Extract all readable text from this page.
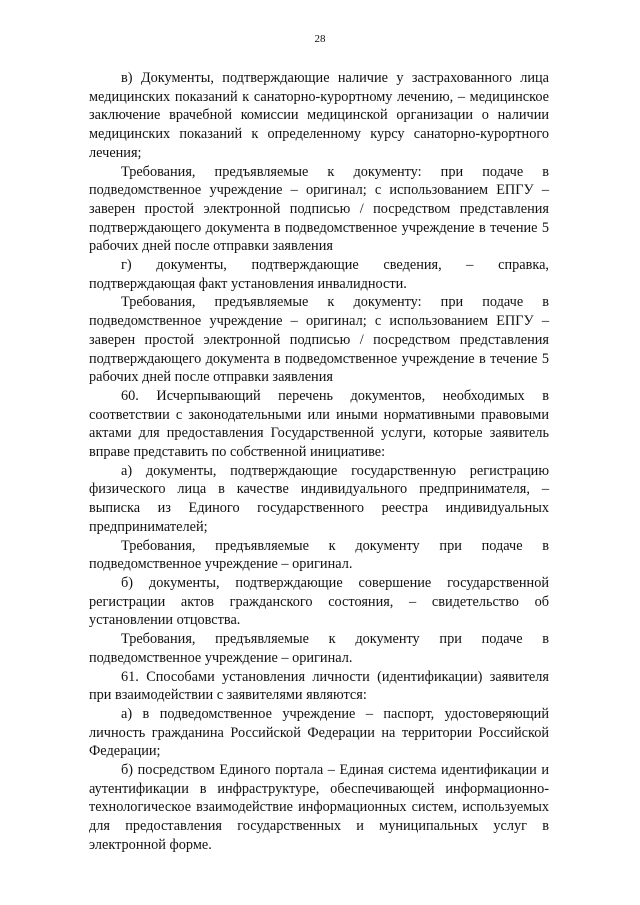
28

в) Документы, подтверждающие наличие у застрахованного лица медицинских показаний к санаторно-курортному лечению, – медицинское заключение врачебной комиссии медицинской организации о наличии медицинских показаний к определенному курсу санаторно-курортного лечения;

Требования, предъявляемые к документу: при подаче в подведомственное учреждение – оригинал; с использованием ЕПГУ – заверен простой электронной подписью / посредством представления подтверждающего документа в подведомственное учреждение в течение 5 рабочих дней после отправки заявления

г) документы, подтверждающие сведения, – справка, подтверждающая факт установления инвалидности.

Требования, предъявляемые к документу: при подаче в подведомственное учреждение – оригинал; с использованием ЕПГУ – заверен простой электронной подписью / посредством представления подтверждающего документа в подведомственное учреждение в течение 5 рабочих дней после отправки заявления

60. Исчерпывающий перечень документов, необходимых в соответствии с законодательными или иными нормативными правовыми актами для предоставления Государственной услуги, которые заявитель вправе представить по собственной инициативе:

а) документы, подтверждающие государственную регистрацию физического лица в качестве индивидуального предпринимателя, – выписка из Единого государственного реестра индивидуальных предпринимателей;

Требования, предъявляемые к документу при подаче в подведомственное учреждение – оригинал.

б) документы, подтверждающие совершение государственной регистрации актов гражданского состояния, – свидетельство об установлении отцовства.

Требования, предъявляемые к документу при подаче в подведомственное учреждение – оригинал.

61. Способами установления личности (идентификации) заявителя при взаимодействии с заявителями являются:

а) в подведомственное учреждение – паспорт, удостоверяющий личность гражданина Российской Федерации на территории Российской Федерации;

б) посредством Единого портала – Единая система идентификации и аутентификации в инфраструктуре, обеспечивающей информационно-технологическое взаимодействие информационных систем, используемых для предоставления государственных и муниципальных услуг в электронной форме.
